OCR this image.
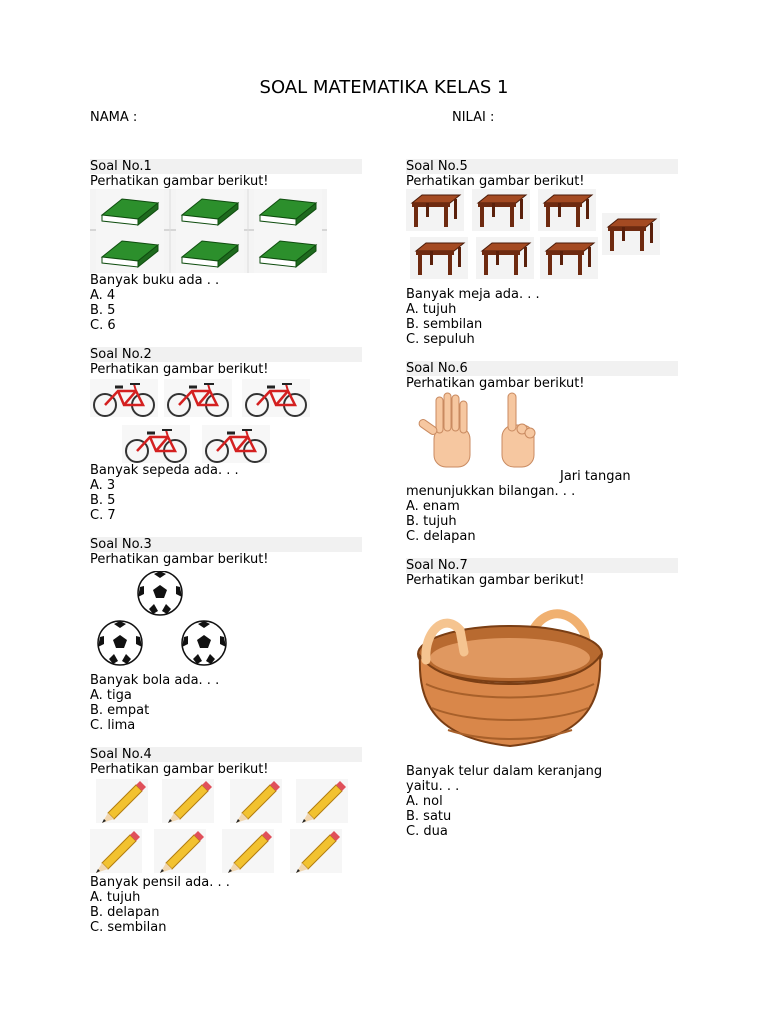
SOAL MATEMATIKA KELAS 1
NAMA :	NILAI :
Soal No.1
Perhatikan gambar berikut!
Banyak buku ada . .
A. 4
B. 5
C. 6
Soal No.2
Perhatikan gambar berikut!
Banyak sepeda ada. . .
A. 3
B. 5
C. 7
Soal No.3
Perhatikan gambar berikut!
Banyak bola ada. . .
A. tiga
B. empat
C. lima
Soal No.4
Perhatikan gambar berikut!
Banyak pensil ada. . .
A. tujuh
B. delapan
C. sembilan
Soal No.5
Perhatikan gambar berikut!
Banyak meja ada. . .
A. tujuh
B. sembilan
C. sepuluh
Soal No.6
Perhatikan gambar berikut!
Jari tangan
menunjukkan bilangan. . .
A. enam
B. tujuh
C. delapan
Soal No.7
Perhatikan gambar berikut!
Banyak telur dalam keranjang
yaitu. . .
A. nol
B. satu
C. dua
